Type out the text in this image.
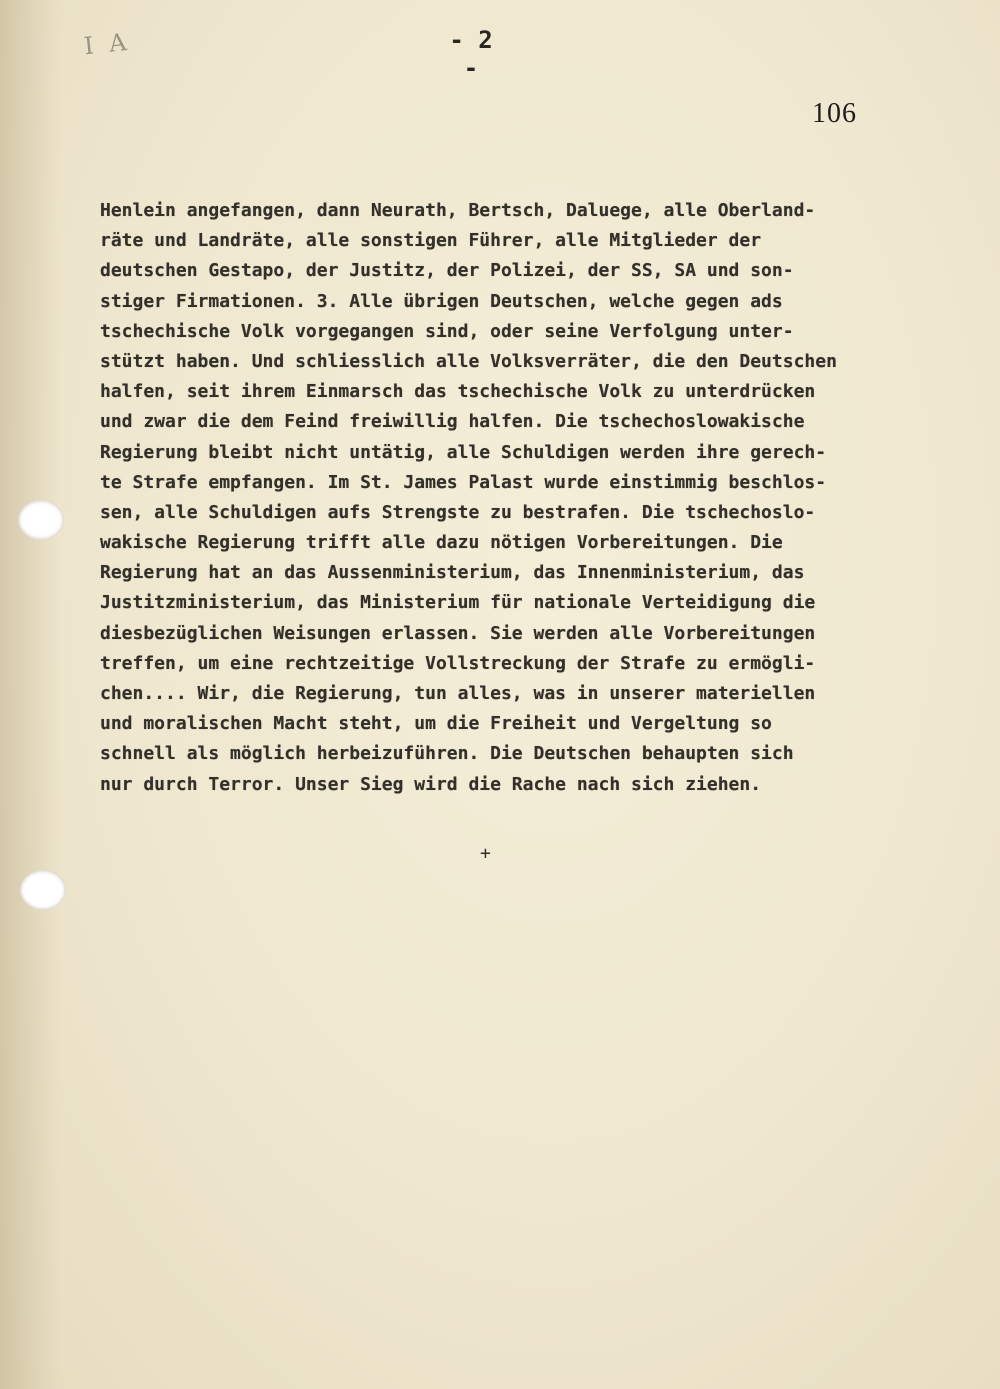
I A	- 2 -
106
Henlein angefangen, dann Neurath, Bertsch, Daluege, alle Oberland-
räte und Landräte, alle sonstigen Führer, alle Mitglieder der
deutschen Gestapo, der Justitz, der Polizei, der SS, SA und son-
stiger Firmationen. 3. Alle übrigen Deutschen, welche gegen ads
tschechische Volk vorgegangen sind, oder seine Verfolgung unter-
stützt haben. Und schliesslich alle Volksverräter, die den Deutschen
halfen, seit ihrem Einmarsch das tschechische Volk zu unterdrücken
und zwar die dem Feind freiwillig halfen. Die tschechoslowakische
Regierung bleibt nicht untätig, alle Schuldigen werden ihre gerech-
te Strafe empfangen. Im St. James Palast wurde einstimmig beschlos-
sen, alle Schuldigen aufs Strengste zu bestrafen. Die tschechoslo-
wakische Regierung trifft alle dazu nötigen Vorbereitungen. Die
Regierung hat an das Aussenministerium, das Innenministerium, das
Justitzministerium, das Ministerium für nationale Verteidigung die
diesbezüglichen Weisungen erlassen. Sie werden alle Vorbereitungen
treffen, um eine rechtzeitige Vollstreckung der Strafe zu ermögli-
chen.... Wir, die Regierung, tun alles, was in unserer materiellen
und moralischen Macht steht, um die Freiheit und Vergeltung so
schnell als möglich herbeizuführen. Die Deutschen behaupten sich
nur durch Terror. Unser Sieg wird die Rache nach sich ziehen.
+
